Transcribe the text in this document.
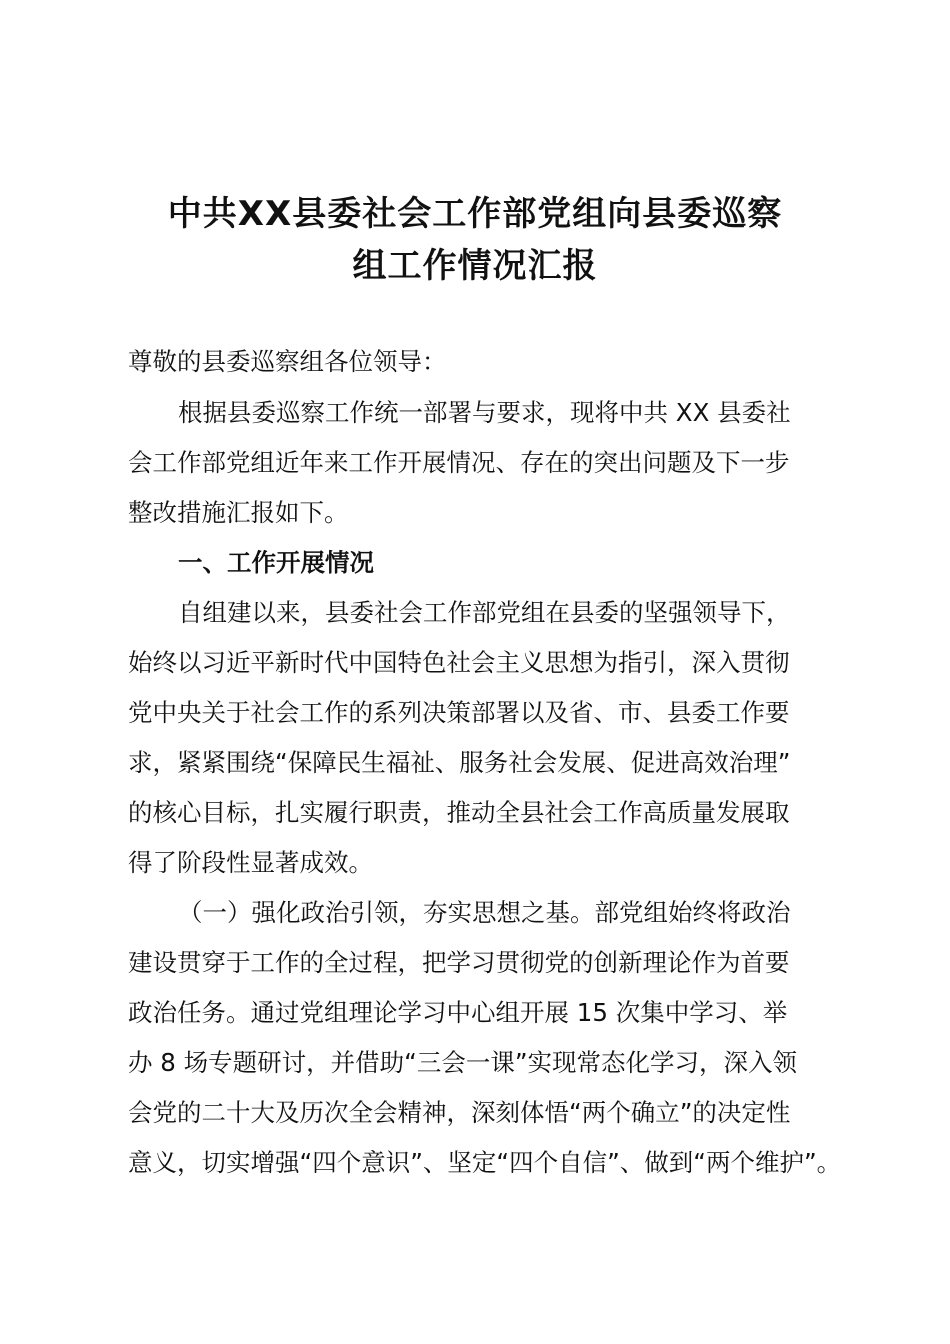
中共XX县委社会工作部党组向县委巡察
组工作情况汇报
尊敬的县委巡察组各位领导：
根据县委巡察工作统一部署与要求，现将中共 XX 县委社
会工作部党组近年来工作开展情况、存在的突出问题及下一步
整改措施汇报如下。
一、工作开展情况
自组建以来，县委社会工作部党组在县委的坚强领导下，
始终以习近平新时代中国特色社会主义思想为指引，深入贯彻
党中央关于社会工作的系列决策部署以及省、市、县委工作要
求，紧紧围绕“保障民生福祉、服务社会发展、促进高效治理”
的核心目标，扎实履行职责，推动全县社会工作高质量发展取
得了阶段性显著成效。
（一）强化政治引领，夯实思想之基。部党组始终将政治
建设贯穿于工作的全过程，把学习贯彻党的创新理论作为首要
政治任务。通过党组理论学习中心组开展 15 次集中学习、举
办 8 场专题研讨，并借助“三会一课”实现常态化学习，深入领
会党的二十大及历次全会精神，深刻体悟“两个确立”的决定性
意义，切实增强“四个意识”、坚定“四个自信”、做到“两个维护”。
